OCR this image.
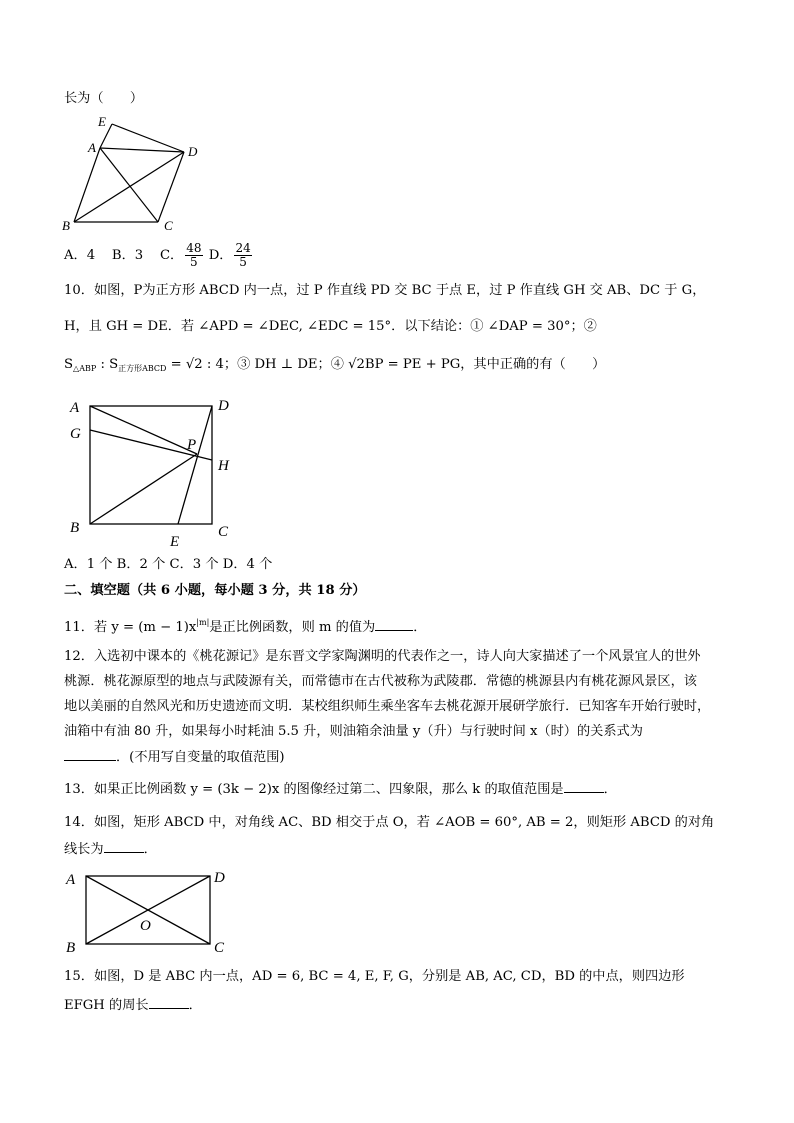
长为（　　）
E
A	D
B	C
A．4 B．3 C． $\frac{48}{5}$ D． $\frac{24}{5}$
10．如图，P为正方形 ABCD 内一点，过 P 作直线 PD 交 BC 于点 E，过 P 作直线 GH 交 AB、DC 于 G，
H，且 GH = DE．若 ∠APD = ∠DEC, ∠EDC = 15°．以下结论：① ∠DAP = 30°；②
$S_{\triangle ABP}$ : $S_{正方形ABCD} = √2$ : 4；③ DH ⊥ DE；④ √2BP = PE + PG，其中正确的有（　　）
A	D
G
P
H
B	C
E
A．1 个 B．2 个 C．3 个 D．4 个
二、填空题（共 6 小题，每小题 3 分，共 18 分）
11．若 $y = (m - 1)x^{|m|}$是正比例函数，则 m 的值为	．
12．入选初中课本的《桃花源记》是东晋文学家陶渊明的代表作之一，诗人向大家描述了一个风景宜人的世外
桃源．桃花源原型的地点与武陵源有关，而常德市在古代被称为武陵郡．常德的桃源县内有桃花源风景区，该
地以美丽的自然风光和历史遗迹而文明．某校组织师生乘坐客车去桃花源开展研学旅行．已知客车开始行驶时，
油箱中有油 80 升，如果每小时耗油 5.5 升，则油箱余油量 y（升）与行驶时间 x（时）的关系式为
．(不用写自变量的取值范围)
13．如果正比例函数 y = (3k − 2)x 的图像经过第二、四象限，那么 k 的取值范围是	．
14．如图，矩形 ABCD 中，对角线 AC、BD 相交于点 O，若 ∠AOB = 60°, AB = 2，则矩形 ABCD 的对角
线长为	．
A	D
O
B	C
15．如图，D 是 ABC 内一点，AD = 6, BC = 4, E, F, G，分别是 AB, AC, CD，BD 的中点，则四边形
EFGH 的周长	．
